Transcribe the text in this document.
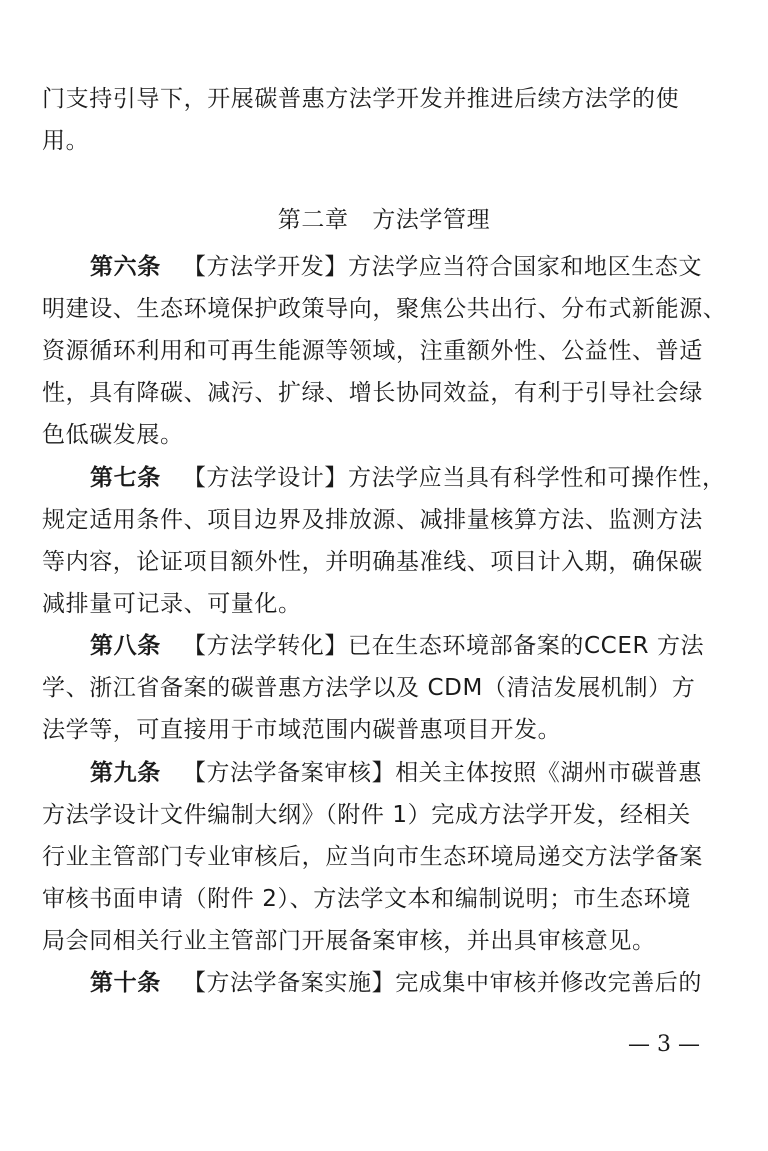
门支持引导下，开展碳普惠方法学开发并推进后续方法学的使
用。
第二章　方法学管理
第六条 【方法学开发】方法学应当符合国家和地区生态文
明建设、生态环境保护政策导向，聚焦公共出行、分布式新能源、
资源循环利用和可再生能源等领域，注重额外性、公益性、普适
性，具有降碳、减污、扩绿、增长协同效益，有利于引导社会绿
色低碳发展。
第七条 【方法学设计】方法学应当具有科学性和可操作性，
规定适用条件、项目边界及排放源、减排量核算方法、监测方法
等内容，论证项目额外性，并明确基准线、项目计入期，确保碳
减排量可记录、可量化。
第八条 【方法学转化】已在生态环境部备案的CCER 方法
学、浙江省备案的碳普惠方法学以及 CDM（清洁发展机制）方
法学等，可直接用于市域范围内碳普惠项目开发。
第九条 【方法学备案审核】相关主体按照《湖州市碳普惠
方法学设计文件编制大纲》（附件 1）完成方法学开发，经相关
行业主管部门专业审核后，应当向市生态环境局递交方法学备案
审核书面申请（附件 2）、方法学文本和编制说明；市生态环境
局会同相关行业主管部门开展备案审核，并出具审核意见。
第十条 【方法学备案实施】完成集中审核并修改完善后的
— 3 —
